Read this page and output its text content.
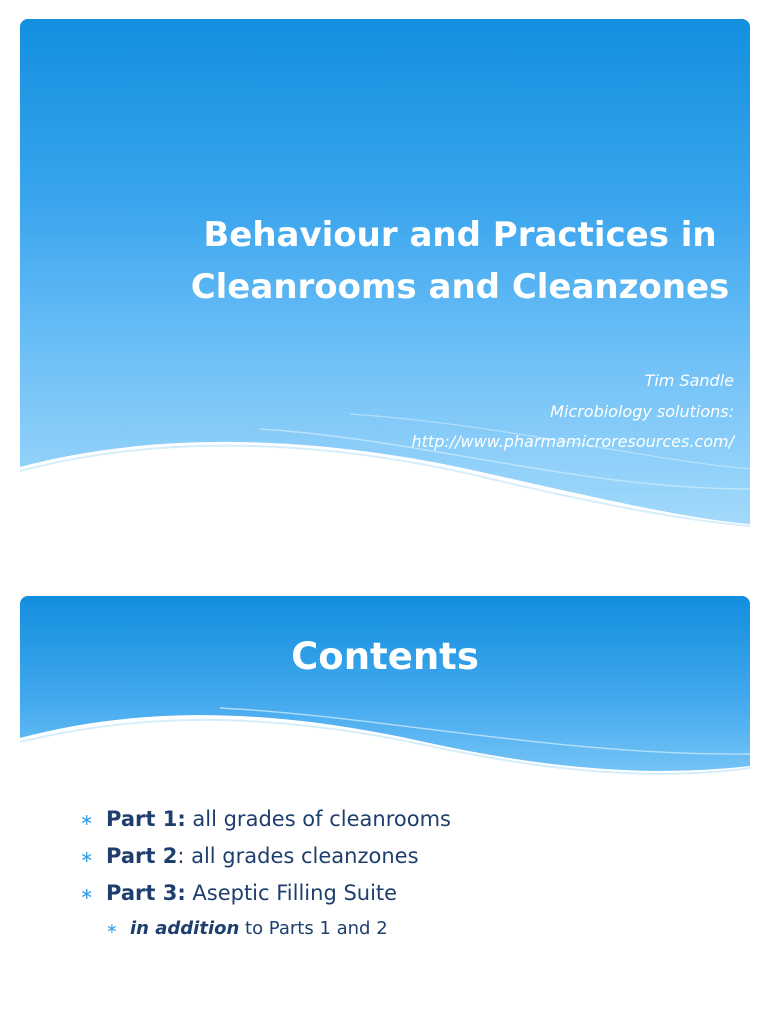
Behaviour and Practices in
Cleanrooms and Cleanzones
Tim Sandle
Microbiology solutions:
http://www.pharmamicroresources.com/
Contents
∗ Part 1: all grades of cleanrooms
∗ Part 2: all grades cleanzones
∗ Part 3: Aseptic Filling Suite
∗ in addition to Parts 1 and 2
